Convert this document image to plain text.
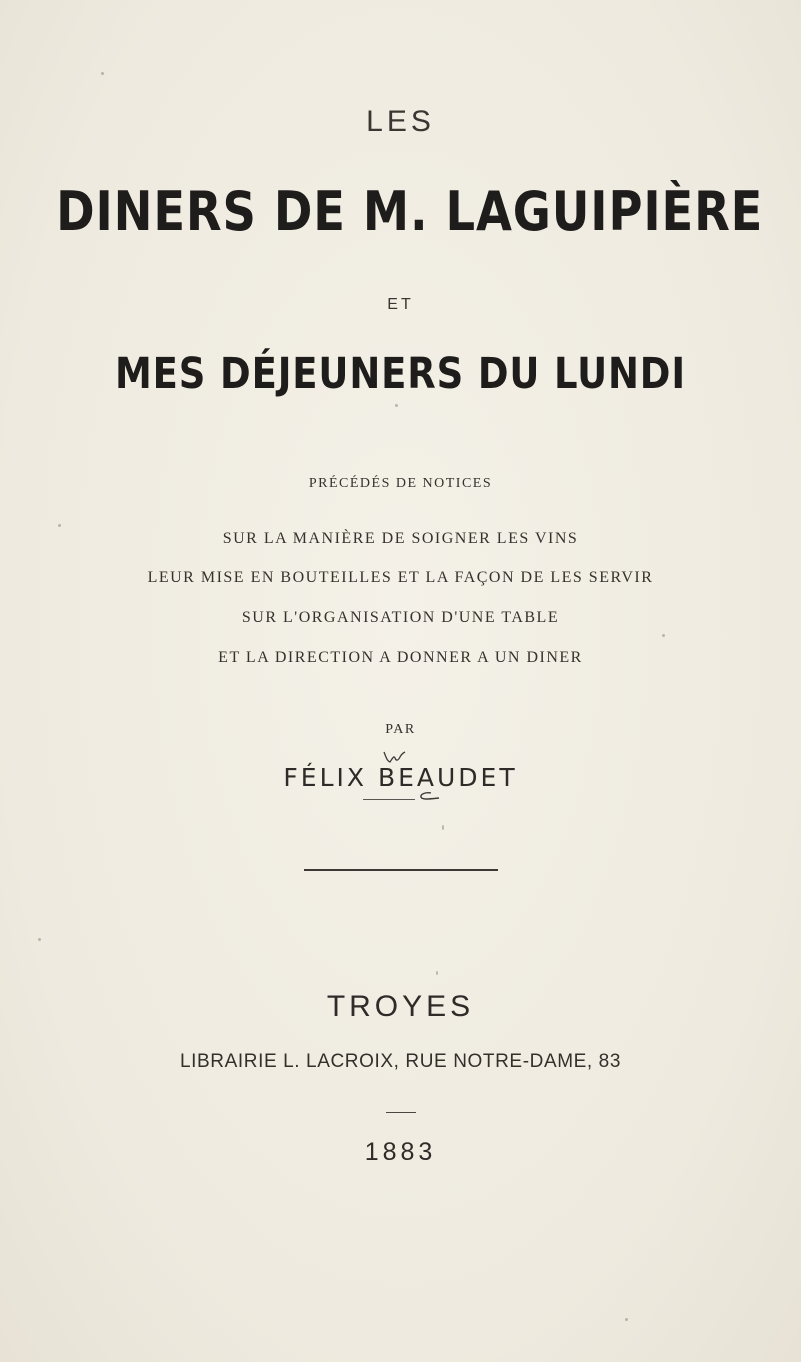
LES
DINERS DE M. LAGUIPIÈRE
ET
MES DÉJEUNERS DU LUNDI
PRÉCÉDÉS DE NOTICES
SUR LA MANIÈRE DE SOIGNER LES VINS
LEUR MISE EN BOUTEILLES ET LA FAÇON DE LES SERVIR
SUR L'ORGANISATION D'UNE TABLE
ET LA DIRECTION A DONNER A UN DINER
PAR
FÉLIX BEAUDET
TROYES
LIBRAIRIE L. LACROIX, RUE NOTRE-DAME, 83
1883
